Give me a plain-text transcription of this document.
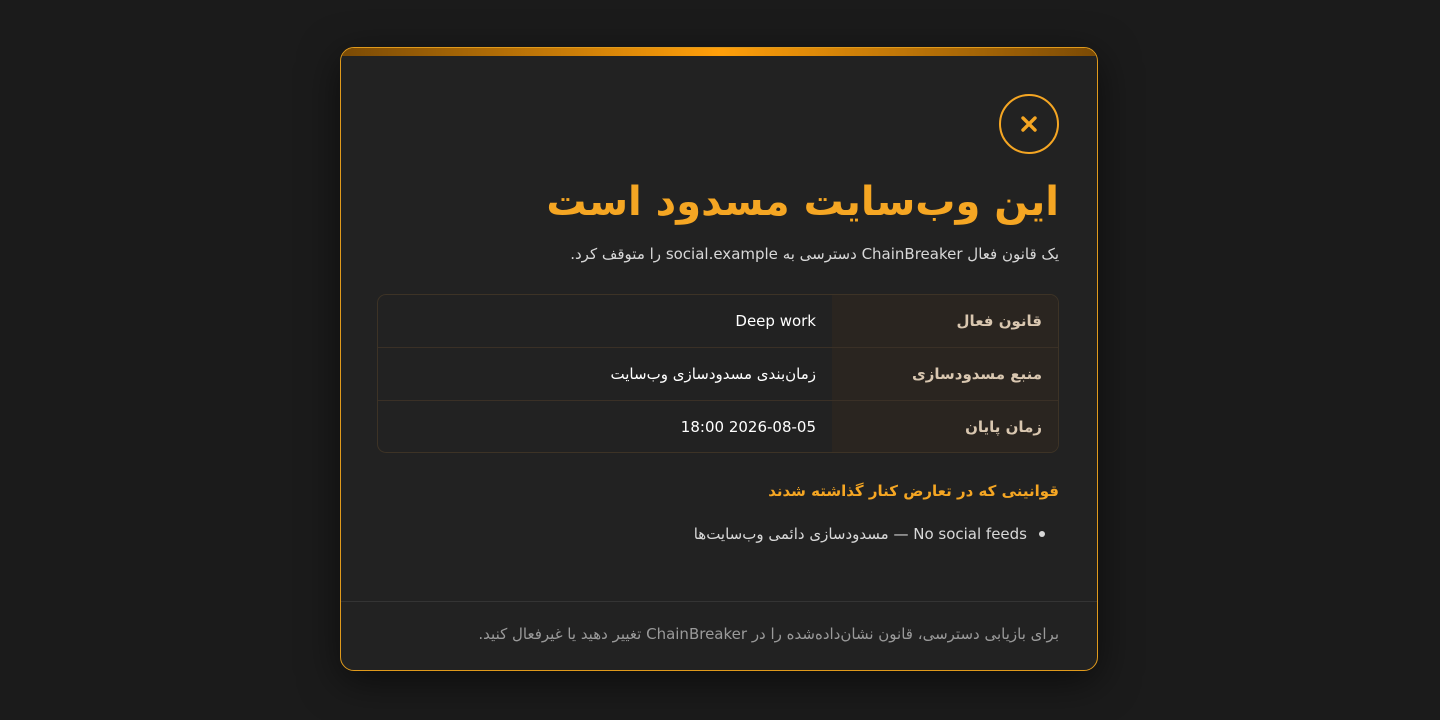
این وب‌سایت مسدود است
یک قانون فعال ChainBreaker دسترسی به social.example را متوقف کرد.
قانون فعال
Deep work
منبع مسدودسازی
زمان‌بندی مسدودسازی وب‌سایت
زمان پایان
2026-08-05 18:00
قوانینی که در تعارض کنار گذاشته شدند
No social feeds — مسدودسازی دائمی وب‌سایت‌ها
برای بازیابی دسترسی، قانون نشان‌داده‌شده را در ChainBreaker تغییر دهید یا غیرفعال کنید.
